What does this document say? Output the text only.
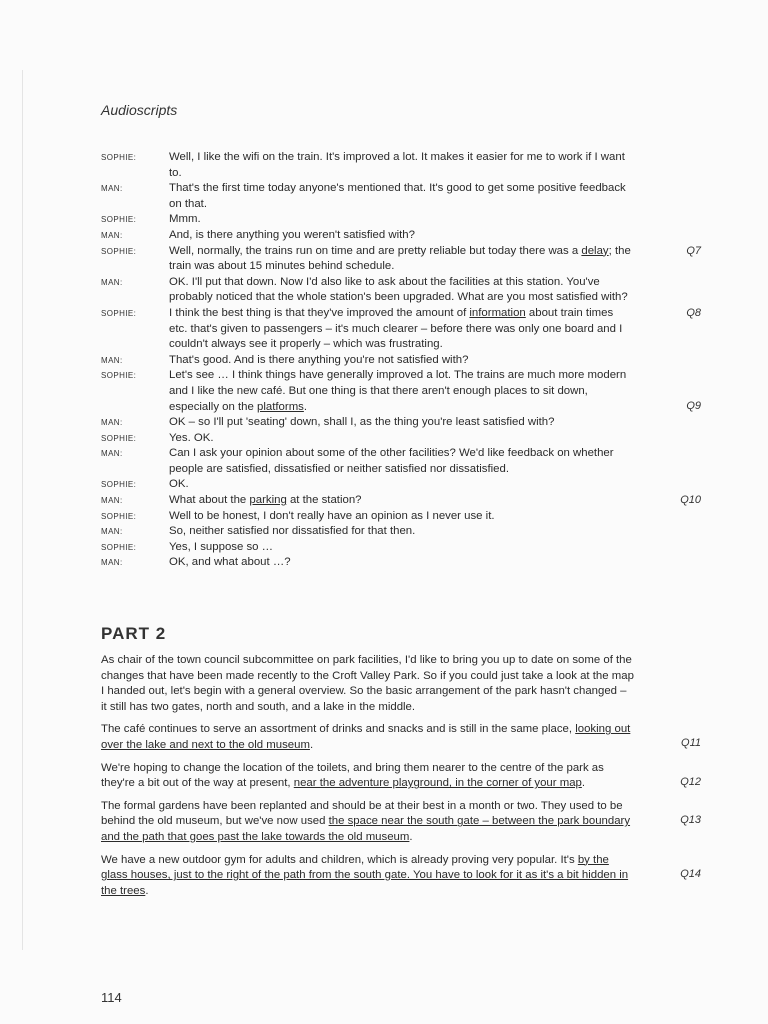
Audioscripts
SOPHIE:	Well, I like the wifi on the train. It's improved a lot. It makes it easier for me to work if I want to.
MAN:	That's the first time today anyone's mentioned that. It's good to get some positive feedback on that.
SOPHIE:	Mmm.
MAN:	And, is there anything you weren't satisfied with?
SOPHIE:	Well, normally, the trains run on time and are pretty reliable but today there was a delay; the train was about 15 minutes behind schedule.
Q7
MAN:	OK. I'll put that down. Now I'd also like to ask about the facilities at this station. You've probably noticed that the whole station's been upgraded. What are you most satisfied with?
SOPHIE:	I think the best thing is that they've improved the amount of information about train times etc. that's given to passengers – it's much clearer – before there was only one board and I couldn't always see it properly – which was frustrating.
Q8
MAN:	That's good. And is there anything you're not satisfied with?
SOPHIE:	Let's see … I think things have generally improved a lot. The trains are much more modern and I like the new café. But one thing is that there aren't enough places to sit down, especially on the platforms.	Q9
MAN:	OK – so I'll put 'seating' down, shall I, as the thing you're least satisfied with?
SOPHIE:	Yes. OK.
MAN:	Can I ask your opinion about some of the other facilities? We'd like feedback on whether people are satisfied, dissatisfied or neither satisfied nor dissatisfied.
SOPHIE:	OK.
MAN:	What about the parking at the station?	Q10
SOPHIE:	Well to be honest, I don't really have an opinion as I never use it.
MAN:	So, neither satisfied nor dissatisfied for that then.
SOPHIE:	Yes, I suppose so …
MAN:	OK, and what about …?
PART 2
As chair of the town council subcommittee on park facilities, I'd like to bring you up to date on some of the changes that have been made recently to the Croft Valley Park. So if you could just take a look at the map I handed out, let's begin with a general overview. So the basic arrangement of the park hasn't changed – it still has two gates, north and south, and a lake in the middle.
The café continues to serve an assortment of drinks and snacks and is still in the same place, looking out over the lake and next to the old museum.	Q11
We're hoping to change the location of the toilets, and bring them nearer to the centre of the park as they're a bit out of the way at present, near the adventure playground, in the corner of your map.	Q12
The formal gardens have been replanted and should be at their best in a month or two. They used to be behind the old museum, but we've now used the space near the south gate – between the park boundary and the path that goes past the lake towards the old museum.
Q13
We have a new outdoor gym for adults and children, which is already proving very popular. It's by the glass houses, just to the right of the path from the south gate. You have to look for it as it's a bit hidden in the trees.
Q14
114
